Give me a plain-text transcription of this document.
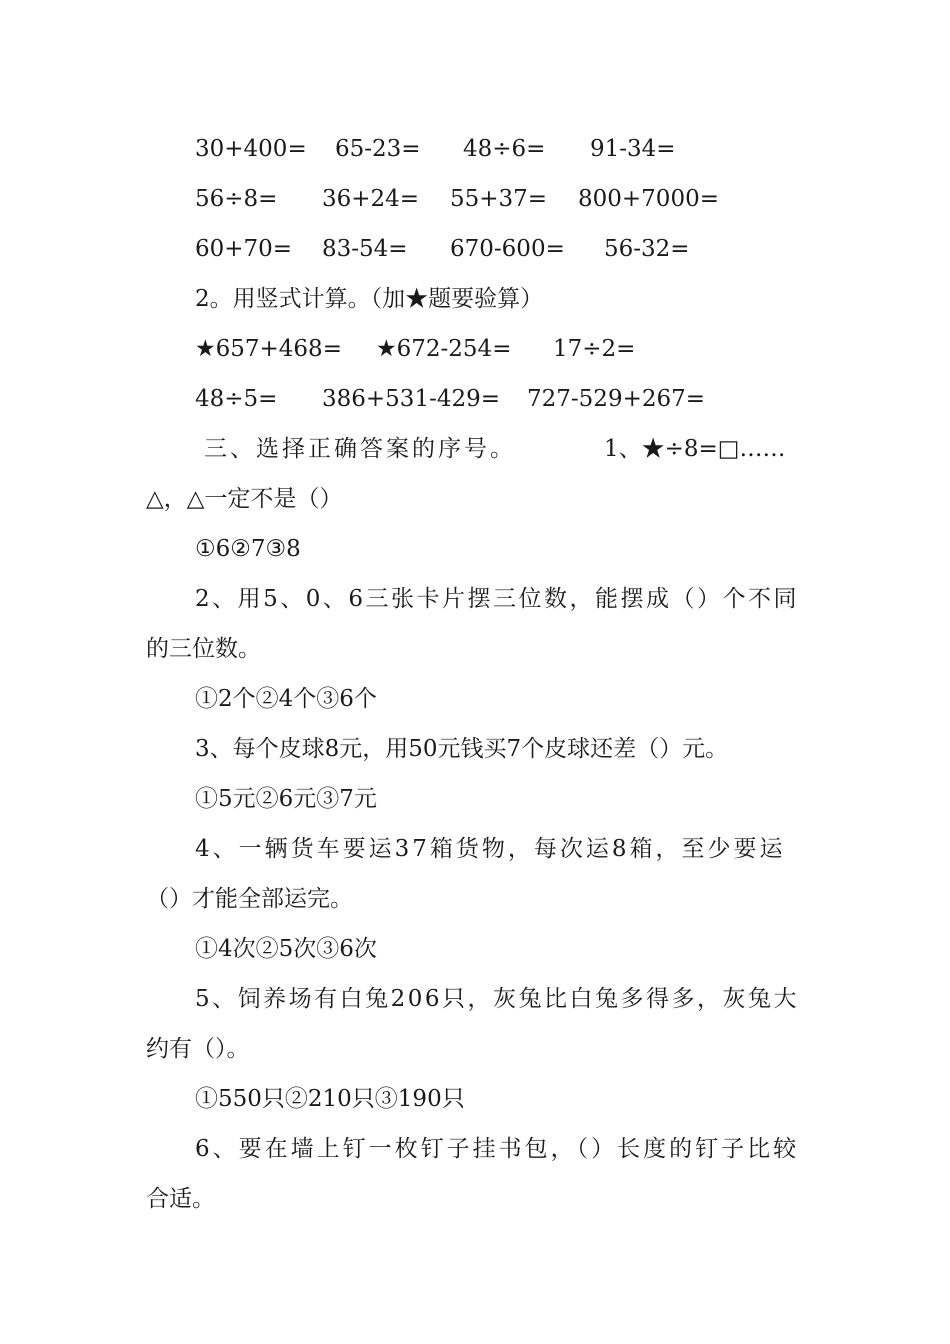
30+400= 65-23= 48÷6= 91-34=
56÷8= 36+24= 55+37= 800+7000=
60+70= 83-54= 670-600= 56-32=
2。用竖式计算。（加★题要验算）
★657+468= ★672-254= 17÷2=
48÷5= 386+531-429= 727-529+267=
三、选择正确答案的序号。	1、★÷8=□……
△，△一定不是（）
①6②7③8
2、用5、0、6三张卡片摆三位数，能摆成（）个不同
的三位数。
①2个②4个③6个
3、每个皮球8元，用50元钱买7个皮球还差（）元。
①5元②6元③7元
4、一辆货车要运37箱货物，每次运8箱，至少要运
（）才能全部运完。
①4次②5次③6次
5、饲养场有白兔206只，灰兔比白兔多得多，灰兔大
约有（）。
①550只②210只③190只
6、要在墙上钉一枚钉子挂书包，（）长度的钉子比较
合适。
